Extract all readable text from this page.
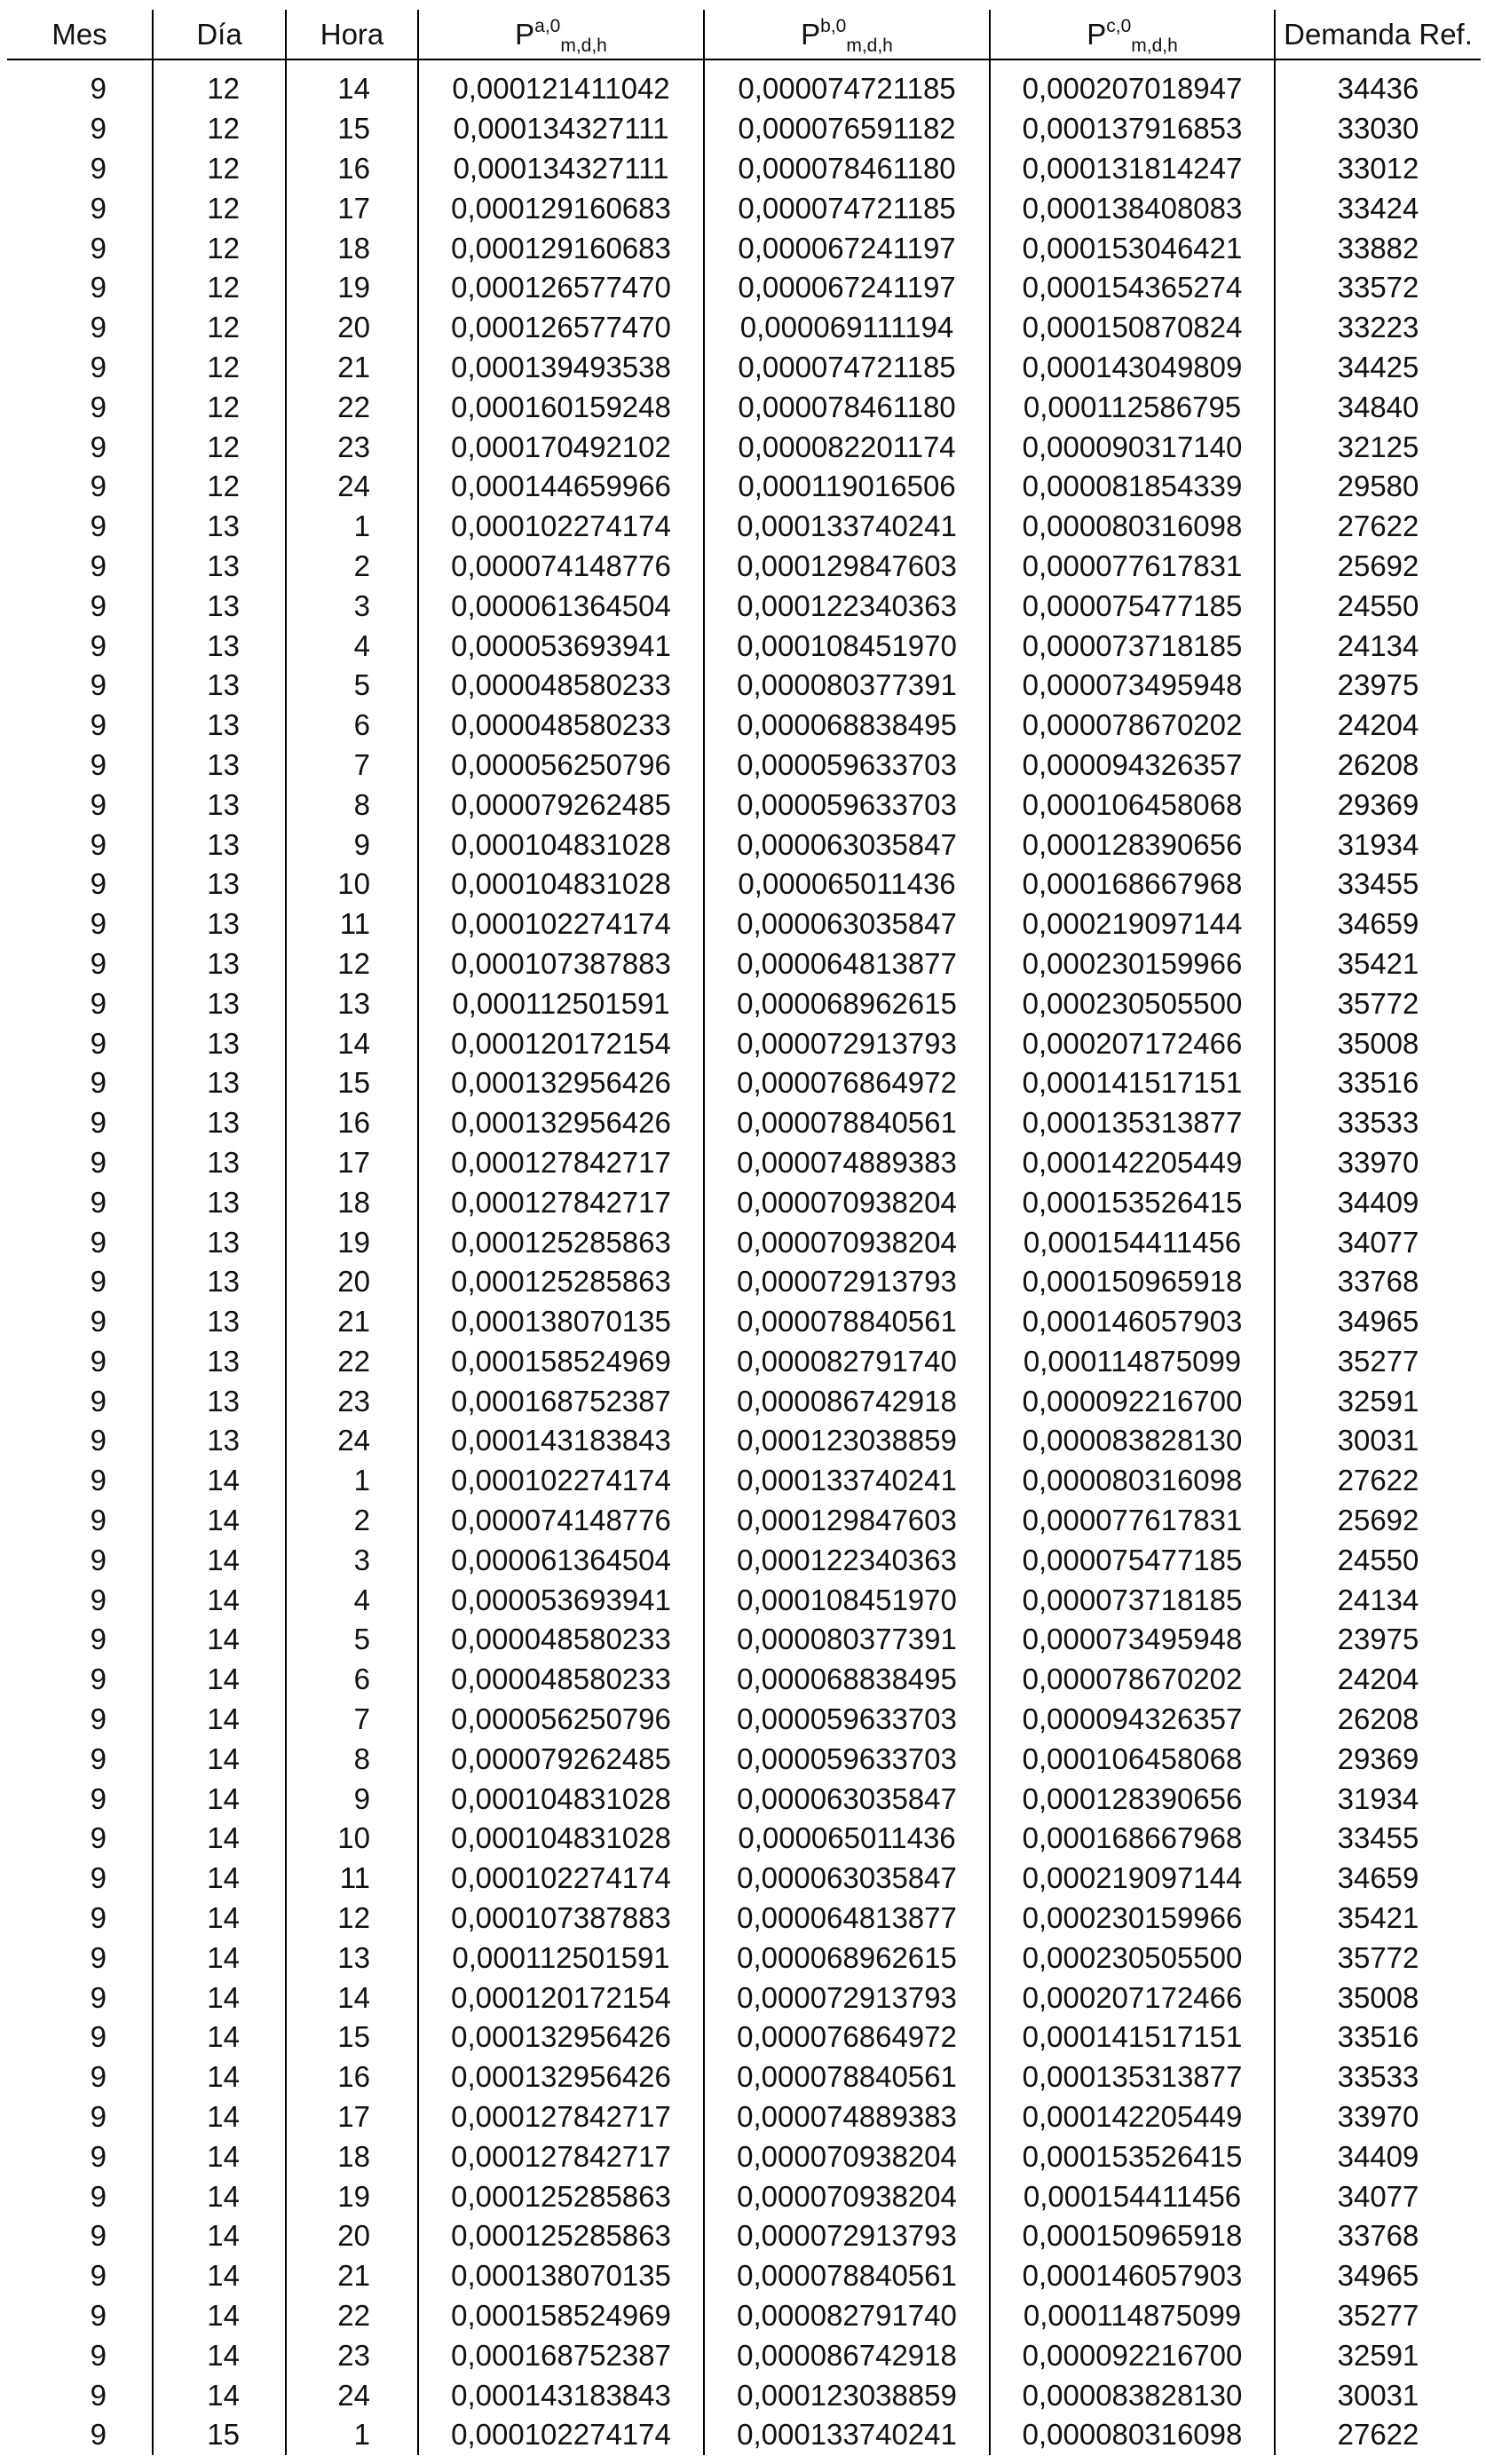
Mes	Día	Hora	P$^{a,0}_{m,d,h}$	P$^{b,0}_{m,d,h}$	P$^{c,0}_{m,d,h}$	Demanda Ref.
9	12	14	0,000121411042	0,000074721185	0,000207018947	34436
9	12	15	0,000134327111	0,000076591182	0,000137916853	33030
9	12	16	0,000134327111	0,000078461180	0,000131814247	33012
9	12	17	0,000129160683	0,000074721185	0,000138408083	33424
9	12	18	0,000129160683	0,000067241197	0,000153046421	33882
9	12	19	0,000126577470	0,000067241197	0,000154365274	33572
9	12	20	0,000126577470	0,000069111194	0,000150870824	33223
9	12	21	0,000139493538	0,000074721185	0,000143049809	34425
9	12	22	0,000160159248	0,000078461180	0,000112586795	34840
9	12	23	0,000170492102	0,000082201174	0,000090317140	32125
9	12	24	0,000144659966	0,000119016506	0,000081854339	29580
9	13	1	0,000102274174	0,000133740241	0,000080316098	27622
9	13	2	0,000074148776	0,000129847603	0,000077617831	25692
9	13	3	0,000061364504	0,000122340363	0,000075477185	24550
9	13	4	0,000053693941	0,000108451970	0,000073718185	24134
9	13	5	0,000048580233	0,000080377391	0,000073495948	23975
9	13	6	0,000048580233	0,000068838495	0,000078670202	24204
9	13	7	0,000056250796	0,000059633703	0,000094326357	26208
9	13	8	0,000079262485	0,000059633703	0,000106458068	29369
9	13	9	0,000104831028	0,000063035847	0,000128390656	31934
9	13	10	0,000104831028	0,000065011436	0,000168667968	33455
9	13	11	0,000102274174	0,000063035847	0,000219097144	34659
9	13	12	0,000107387883	0,000064813877	0,000230159966	35421
9	13	13	0,000112501591	0,000068962615	0,000230505500	35772
9	13	14	0,000120172154	0,000072913793	0,000207172466	35008
9	13	15	0,000132956426	0,000076864972	0,000141517151	33516
9	13	16	0,000132956426	0,000078840561	0,000135313877	33533
9	13	17	0,000127842717	0,000074889383	0,000142205449	33970
9	13	18	0,000127842717	0,000070938204	0,000153526415	34409
9	13	19	0,000125285863	0,000070938204	0,000154411456	34077
9	13	20	0,000125285863	0,000072913793	0,000150965918	33768
9	13	21	0,000138070135	0,000078840561	0,000146057903	34965
9	13	22	0,000158524969	0,000082791740	0,000114875099	35277
9	13	23	0,000168752387	0,000086742918	0,000092216700	32591
9	13	24	0,000143183843	0,000123038859	0,000083828130	30031
9	14	1	0,000102274174	0,000133740241	0,000080316098	27622
9	14	2	0,000074148776	0,000129847603	0,000077617831	25692
9	14	3	0,000061364504	0,000122340363	0,000075477185	24550
9	14	4	0,000053693941	0,000108451970	0,000073718185	24134
9	14	5	0,000048580233	0,000080377391	0,000073495948	23975
9	14	6	0,000048580233	0,000068838495	0,000078670202	24204
9	14	7	0,000056250796	0,000059633703	0,000094326357	26208
9	14	8	0,000079262485	0,000059633703	0,000106458068	29369
9	14	9	0,000104831028	0,000063035847	0,000128390656	31934
9	14	10	0,000104831028	0,000065011436	0,000168667968	33455
9	14	11	0,000102274174	0,000063035847	0,000219097144	34659
9	14	12	0,000107387883	0,000064813877	0,000230159966	35421
9	14	13	0,000112501591	0,000068962615	0,000230505500	35772
9	14	14	0,000120172154	0,000072913793	0,000207172466	35008
9	14	15	0,000132956426	0,000076864972	0,000141517151	33516
9	14	16	0,000132956426	0,000078840561	0,000135313877	33533
9	14	17	0,000127842717	0,000074889383	0,000142205449	33970
9	14	18	0,000127842717	0,000070938204	0,000153526415	34409
9	14	19	0,000125285863	0,000070938204	0,000154411456	34077
9	14	20	0,000125285863	0,000072913793	0,000150965918	33768
9	14	21	0,000138070135	0,000078840561	0,000146057903	34965
9	14	22	0,000158524969	0,000082791740	0,000114875099	35277
9	14	23	0,000168752387	0,000086742918	0,000092216700	32591
9	14	24	0,000143183843	0,000123038859	0,000083828130	30031
9	15	1	0,000102274174	0,000133740241	0,000080316098	27622
